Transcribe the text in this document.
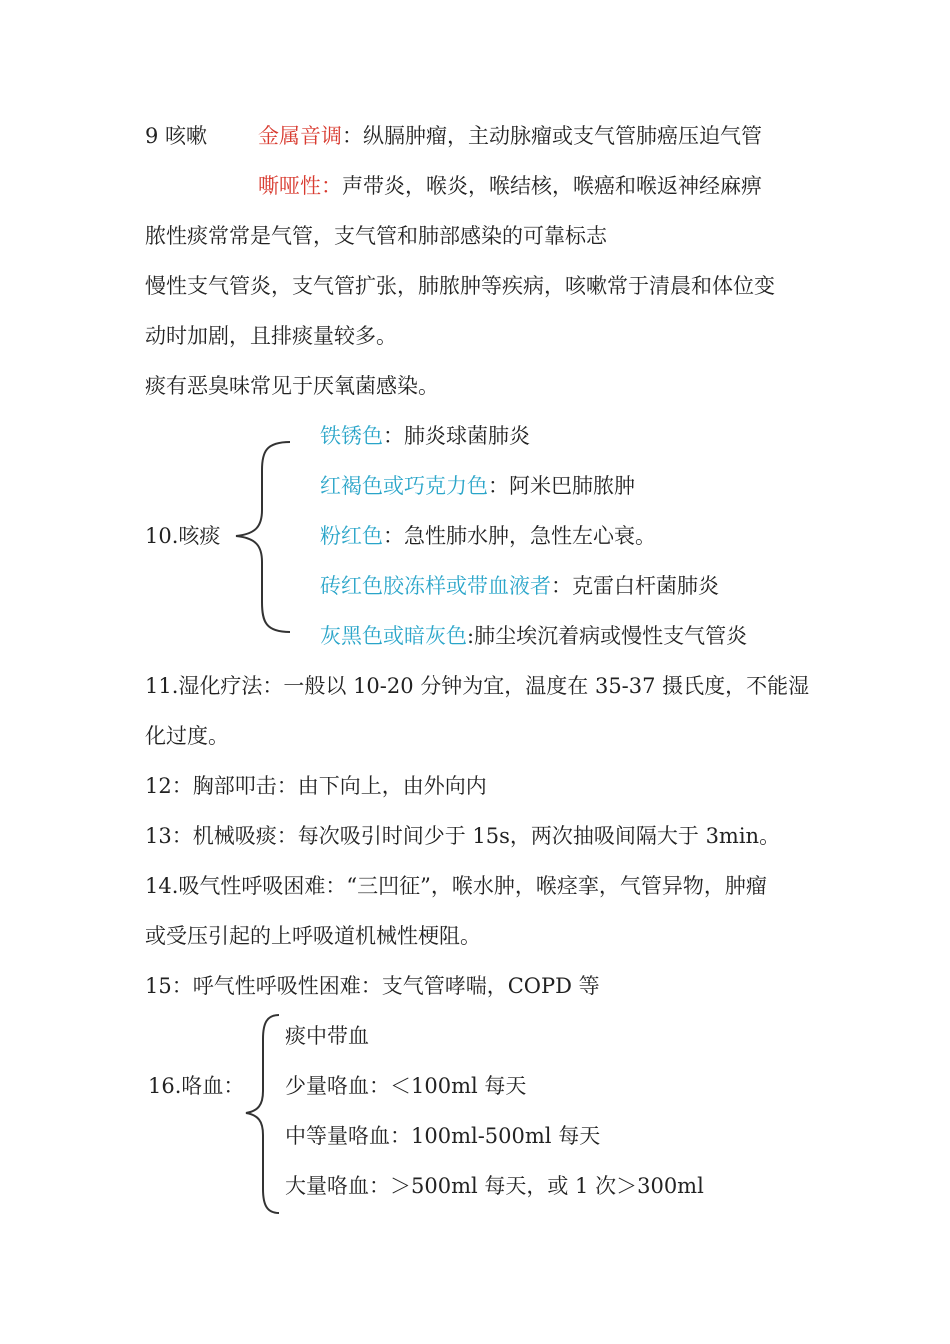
9 咳嗽 金属音调：纵膈肿瘤，主动脉瘤或支气管肺癌压迫气管
嘶哑性：声带炎，喉炎，喉结核，喉癌和喉返神经麻痹
脓性痰常常是气管，支气管和肺部感染的可靠标志
慢性支气管炎，支气管扩张，肺脓肿等疾病，咳嗽常于清晨和体位变
动时加剧，且排痰量较多。
痰有恶臭味常见于厌氧菌感染。
10.咳痰
铁锈色：肺炎球菌肺炎
红褐色或巧克力色：阿米巴肺脓肿
粉红色：急性肺水肿，急性左心衰。
砖红色胶冻样或带血液者：克雷白杆菌肺炎
灰黑色或暗灰色:肺尘埃沉着病或慢性支气管炎
11.湿化疗法：一般以 10-20 分钟为宜，温度在 35-37 摄氏度，不能湿
化过度。
12：胸部叩击：由下向上，由外向内
13：机械吸痰：每次吸引时间少于 15s，两次抽吸间隔大于 3min。
14.吸气性呼吸困难：“三凹征”，喉水肿，喉痉挛，气管异物，肿瘤
或受压引起的上呼吸道机械性梗阻。
15：呼气性呼吸性困难：支气管哮喘，COPD 等
16.咯血：
痰中带血
少量咯血：＜100ml 每天
中等量咯血：100ml-500ml 每天
大量咯血：＞500ml 每天，或 1 次＞300ml
